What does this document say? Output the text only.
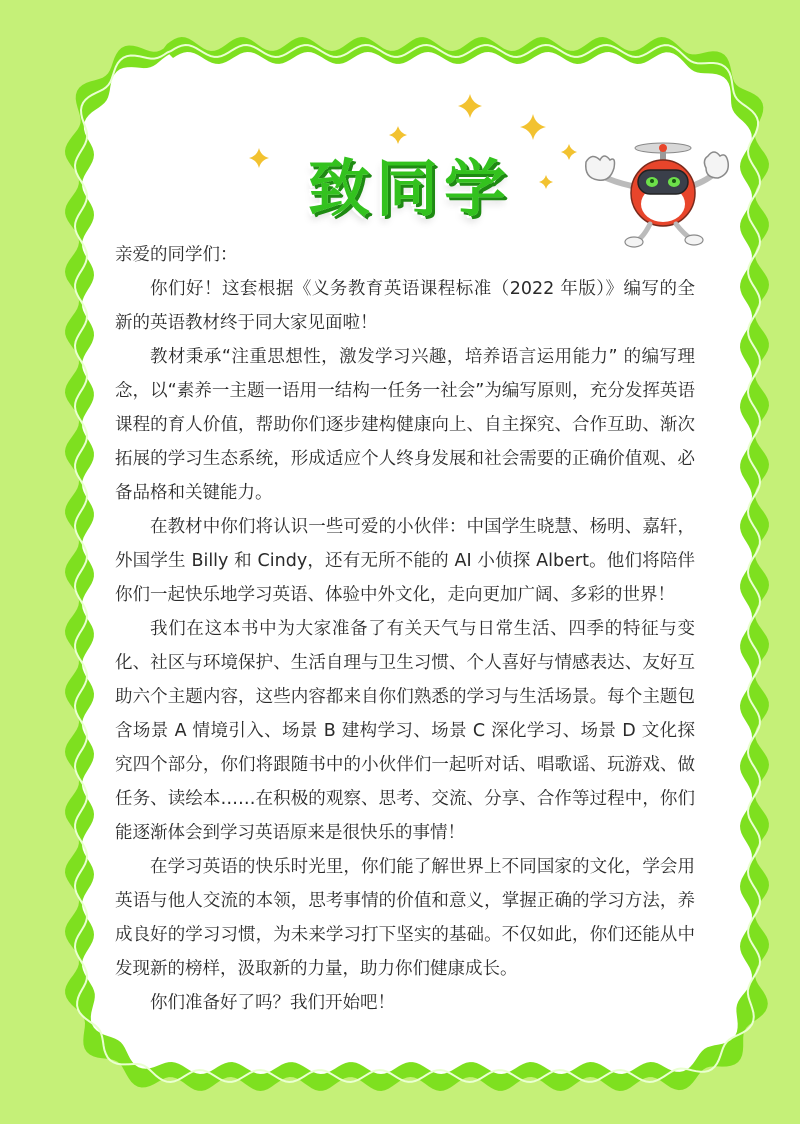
致同学

亲爱的同学们：

你们好！这套根据《义务教育英语课程标准（2022 年版）》编写的全新的英语教材终于同大家见面啦！

教材秉承“注重思想性，激发学习兴趣，培养语言运用能力” 的编写理念，以“素养一主题一语用一结构一任务一社会”为编写原则，充分发挥英语课程的育人价值，帮助你们逐步建构健康向上、自主探究、合作互助、渐次拓展的学习生态系统，形成适应个人终身发展和社会需要的正确价值观、必备品格和关键能力。

在教材中你们将认识一些可爱的小伙伴：中国学生晓慧、杨明、嘉轩，外国学生 Billy 和 Cindy，还有无所不能的 AI 小侦探 Albert。他们将陪伴你们一起快乐地学习英语、体验中外文化，走向更加广阔、多彩的世界！

我们在这本书中为大家准备了有关天气与日常生活、四季的特征与变化、社区与环境保护、生活自理与卫生习惯、个人喜好与情感表达、友好互助六个主题内容，这些内容都来自你们熟悉的学习与生活场景。每个主题包含场景 A 情境引入、场景 B 建构学习、场景 C 深化学习、场景 D 文化探究四个部分，你们将跟随书中的小伙伴们一起听对话、唱歌谣、玩游戏、做任务、读绘本……在积极的观察、思考、交流、分享、合作等过程中，你们能逐渐体会到学习英语原来是很快乐的事情！

在学习英语的快乐时光里，你们能了解世界上不同国家的文化，学会用英语与他人交流的本领，思考事情的价值和意义，掌握正确的学习方法，养成良好的学习习惯，为未来学习打下坚实的基础。不仅如此，你们还能从中发现新的榜样，汲取新的力量，助力你们健康成长。

你们准备好了吗？我们开始吧！
